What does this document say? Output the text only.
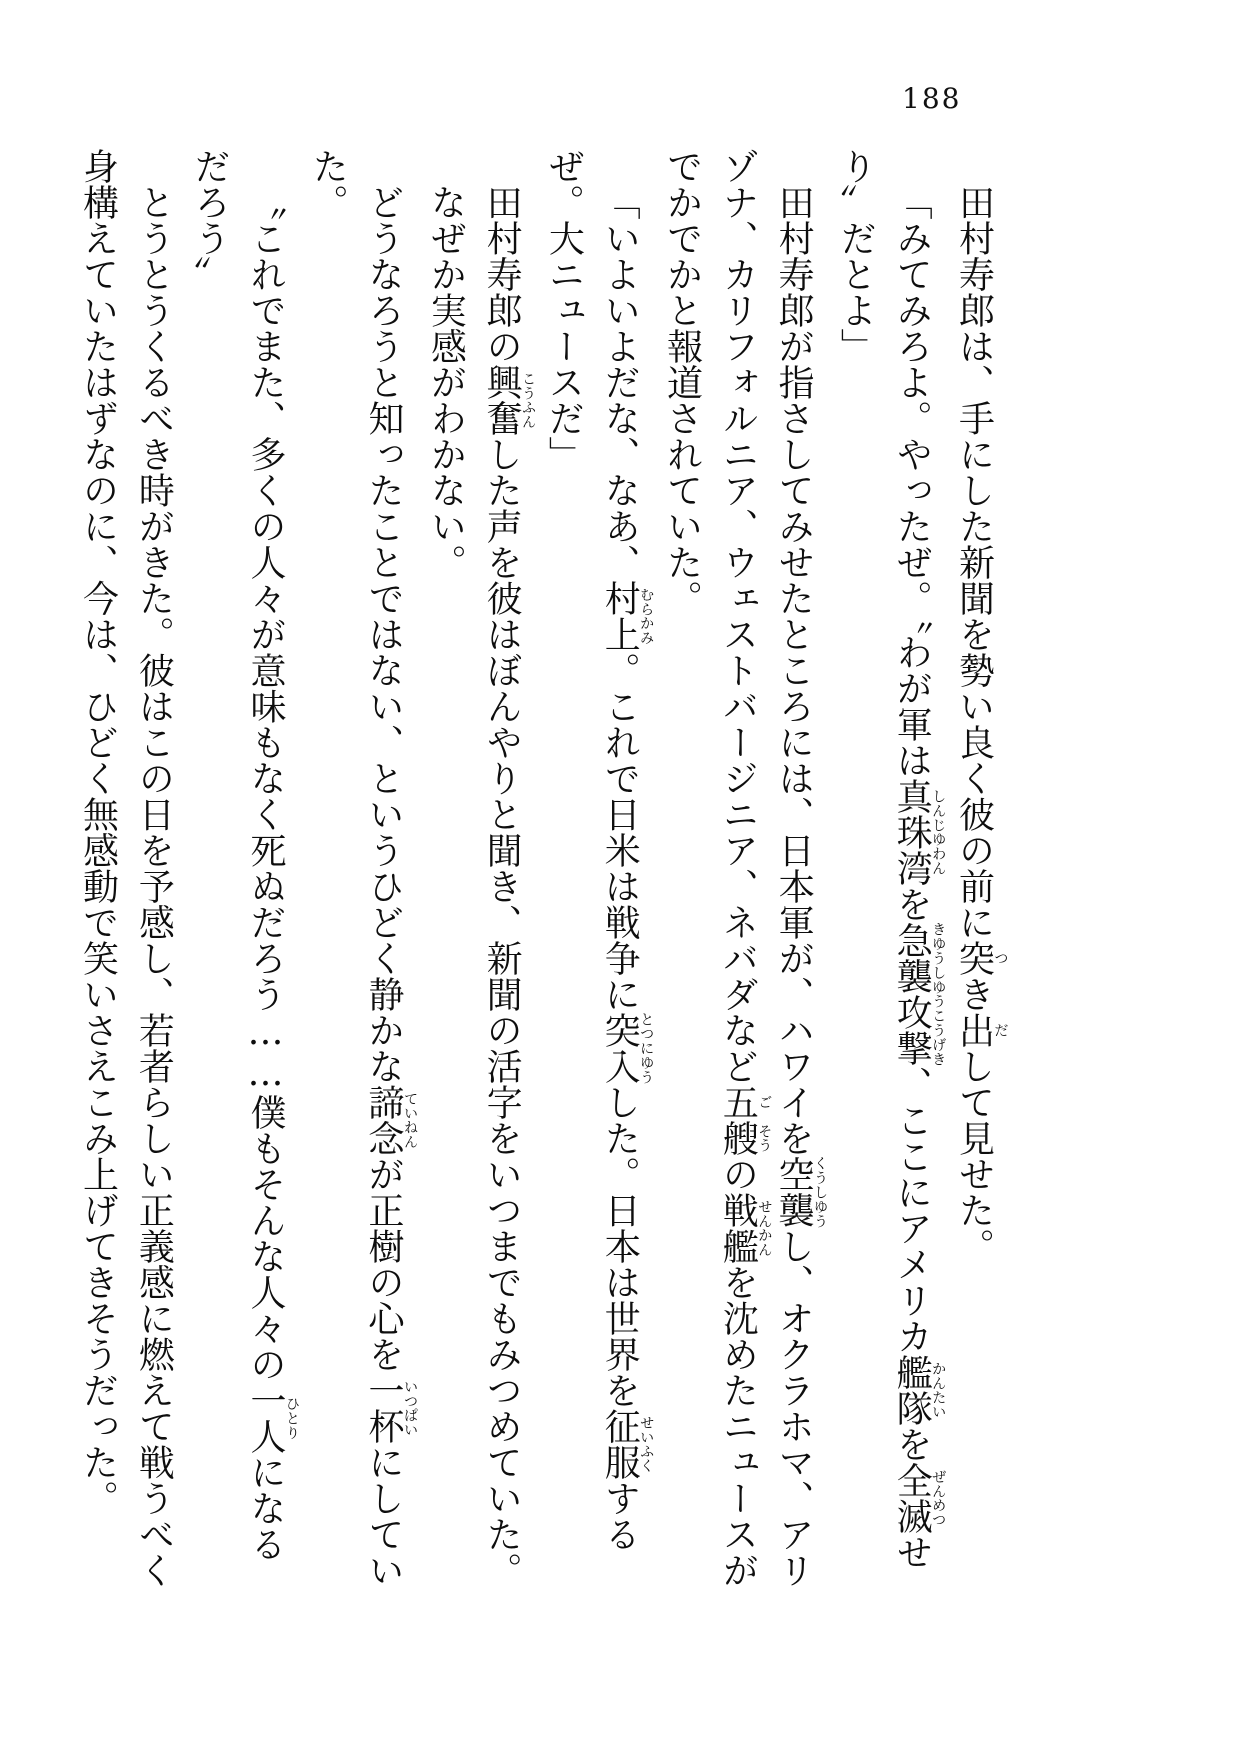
188

田村寿郎は、手にした新聞を勢い良く彼の前に突つき出だして見せた。

「みてみろよ。やったぜ。〝わが軍は真珠湾しんじゆわんを急襲攻撃きゆうしゆうこうげき、ここにアメリカ艦隊かんたいを全滅ぜんめつせり〞だとよ」

田村寿郎が指さしてみせたところには、日本軍が、ハワイを空襲くうしゆうし、オクラホマ、アリゾナ、カリフォルニア、ウェストバージニア、ネバダなど五ご艘そうの戦艦せんかんを沈めたニュースがでかでかと報道されていた。

「いよいよだな、なあ、村上むらかみ。これで日米は戦争に突入とつにゆうした。日本は世界を征服せいふくするぜ。大ニュースだ」

田村寿郎の興奮こうふんした声を彼はぼんやりと聞き、新聞の活字をいつまでもみつめていた。

なぜか実感がわかない。

どうなろうと知ったことではない、というひどく静かな諦念ていねんが正樹の心を一杯いつぱいにしていた。

〝これでまた、多くの人々が意味もなく死ぬだろう……僕もそんな人々の一人ひとりになるだろう〞

とうとうくるべき時がきた。彼はこの日を予感し、若者らしい正義感に燃えて戦うべく身構えていたはずなのに、今は、ひどく無感動で笑いさえこみ上げてきそうだった。
